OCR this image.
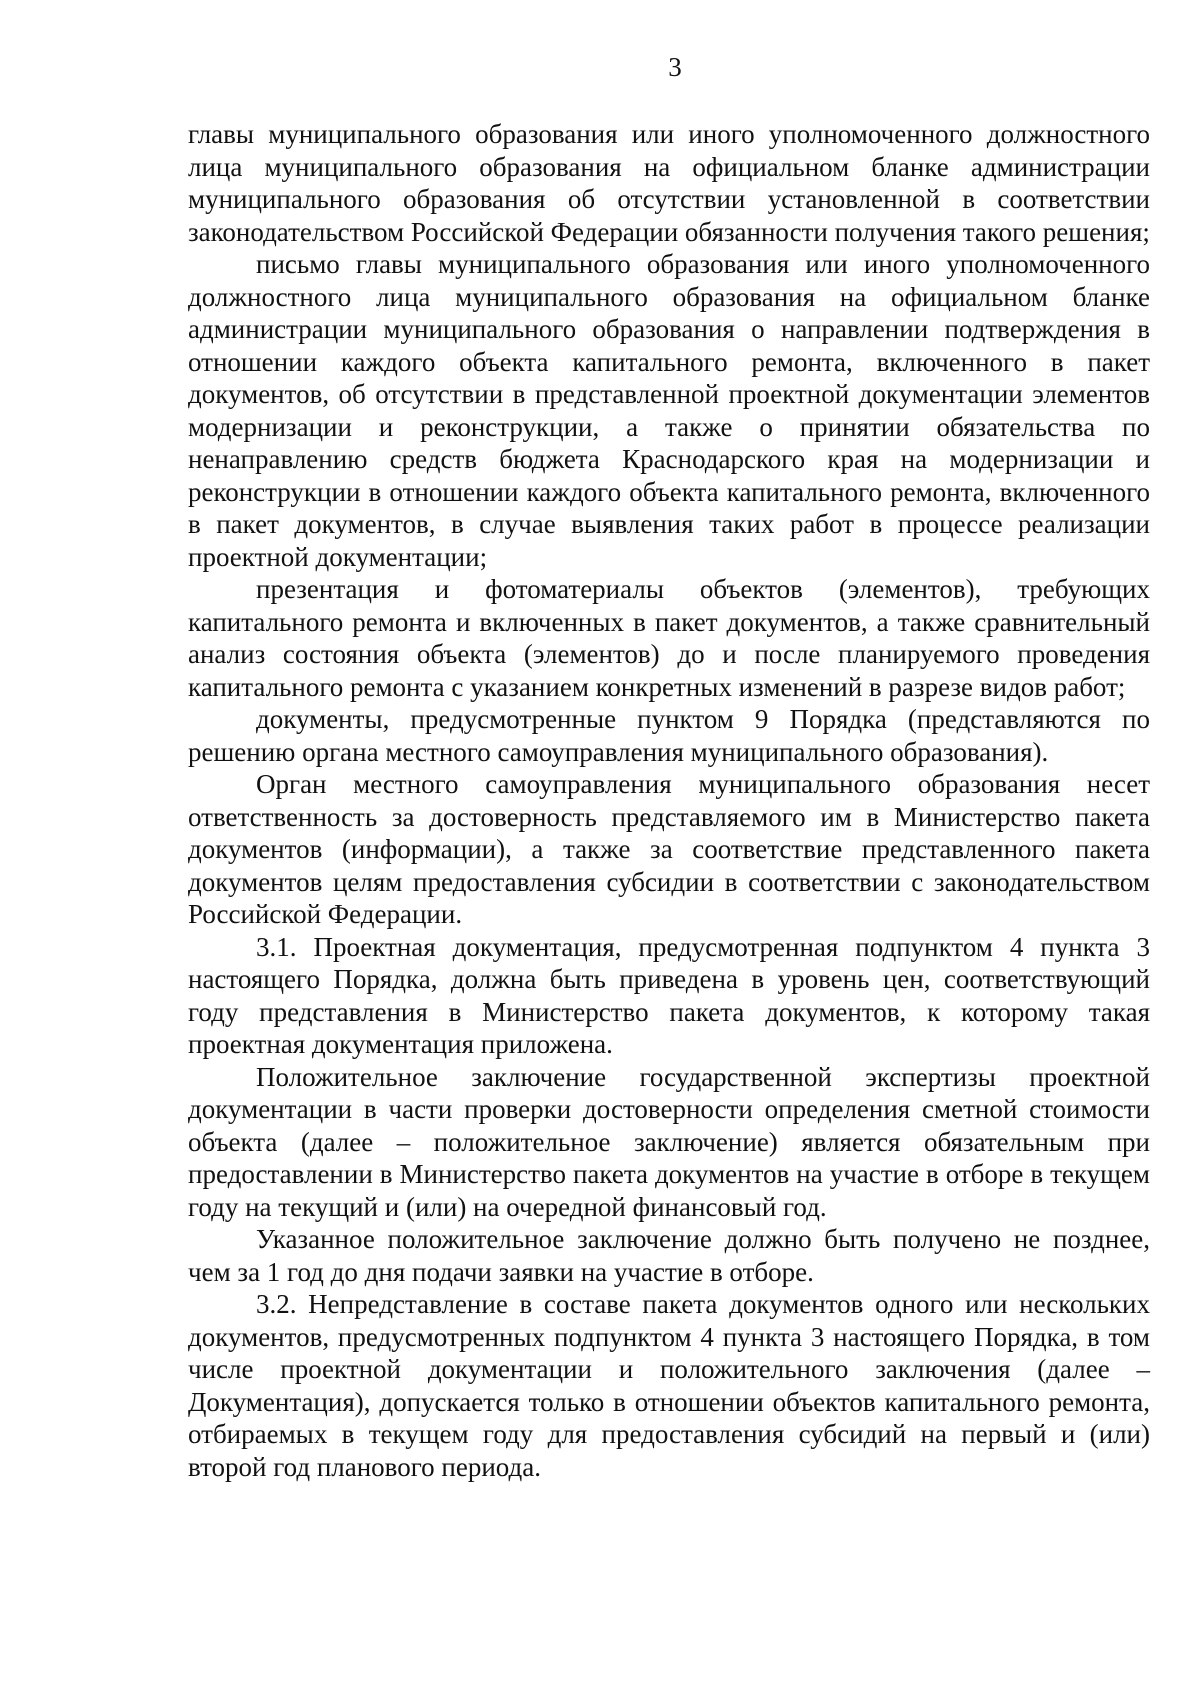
3

главы муниципального образования или иного уполномоченного должностного лица муниципального образования на официальном бланке администрации муниципального образования об отсутствии установленной в соответствии законодательством Российской Федерации обязанности получения такого решения;

письмо главы муниципального образования или иного уполномоченного должностного лица муниципального образования на официальном бланке администрации муниципального образования о направлении подтверждения в отношении каждого объекта капитального ремонта, включенного в пакет документов, об отсутствии в представленной проектной документации элементов модернизации и реконструкции, а также о принятии обязательства по ненаправлению средств бюджета Краснодарского края на модернизации и реконструкции в отношении каждого объекта капитального ремонта, включенного в пакет документов, в случае выявления таких работ в процессе реализации проектной документации;

презентация и фотоматериалы объектов (элементов), требующих капитального ремонта и включенных в пакет документов, а также сравнительный анализ состояния объекта (элементов) до и после планируемого проведения капитального ремонта с указанием конкретных изменений в разрезе видов работ;

документы, предусмотренные пунктом 9 Порядка (представляются по решению органа местного самоуправления муниципального образования).

Орган местного самоуправления муниципального образования несет ответственность за достоверность представляемого им в Министерство пакета документов (информации), а также за соответствие представленного пакета документов целям предоставления субсидии в соответствии с законодательством Российской Федерации.

3.1. Проектная документация, предусмотренная подпунктом 4 пункта 3 настоящего Порядка, должна быть приведена в уровень цен, соответствующий году представления в Министерство пакета документов, к которому такая проектная документация приложена.

Положительное заключение государственной экспертизы проектной документации в части проверки достоверности определения сметной стоимости объекта (далее – положительное заключение) является обязательным при предоставлении в Министерство пакета документов на участие в отборе в текущем году на текущий и (или) на очередной финансовый год.

Указанное положительное заключение должно быть получено не позднее, чем за 1 год до дня подачи заявки на участие в отборе.

3.2. Непредставление в составе пакета документов одного или нескольких документов, предусмотренных подпунктом 4 пункта 3 настоящего Порядка, в том числе проектной документации и положительного заключения (далее – Документация), допускается только в отношении объектов капитального ремонта, отбираемых в текущем году для предоставления субсидий на первый и (или) второй год планового периода.
